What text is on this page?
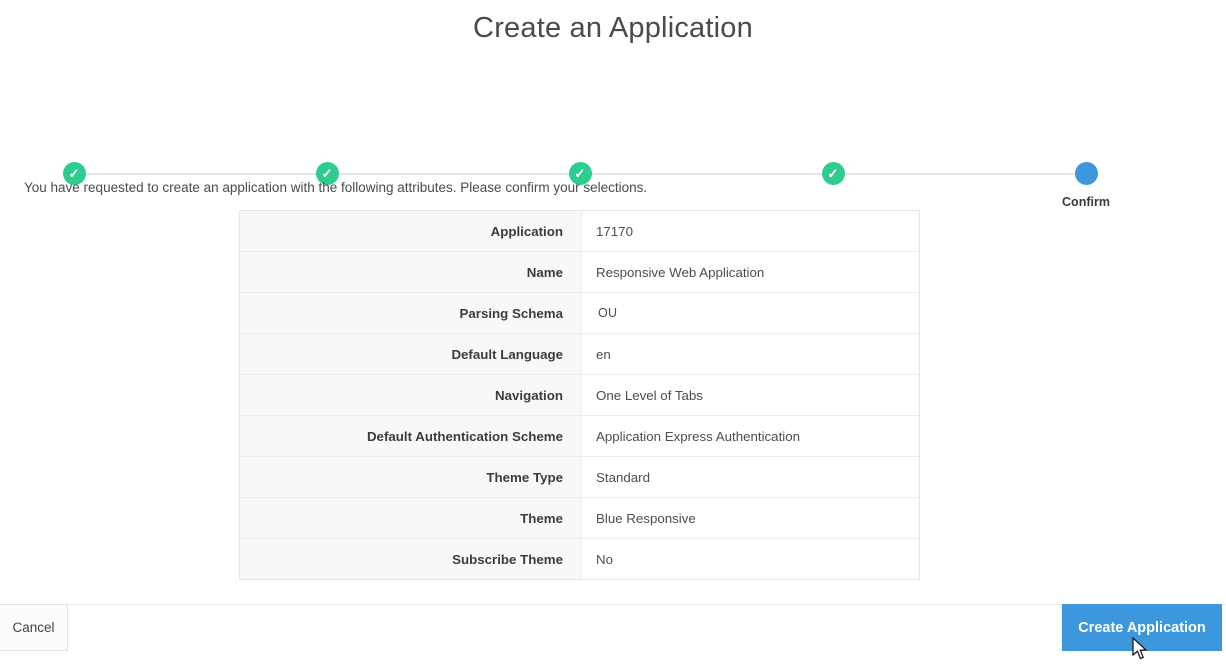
Create an Application
✓	✓	✓	✓
Confirm
You have requested to create an application with the following attributes. Please confirm your selections.
Application	17170
Name	Responsive Web Application
Parsing Schema	OU
Default Language	en
Navigation	One Level of Tabs
Default Authentication Scheme	Application Express Authentication
Theme Type	Standard
Theme	Blue Responsive
Subscribe Theme	No
Cancel	Create Application
